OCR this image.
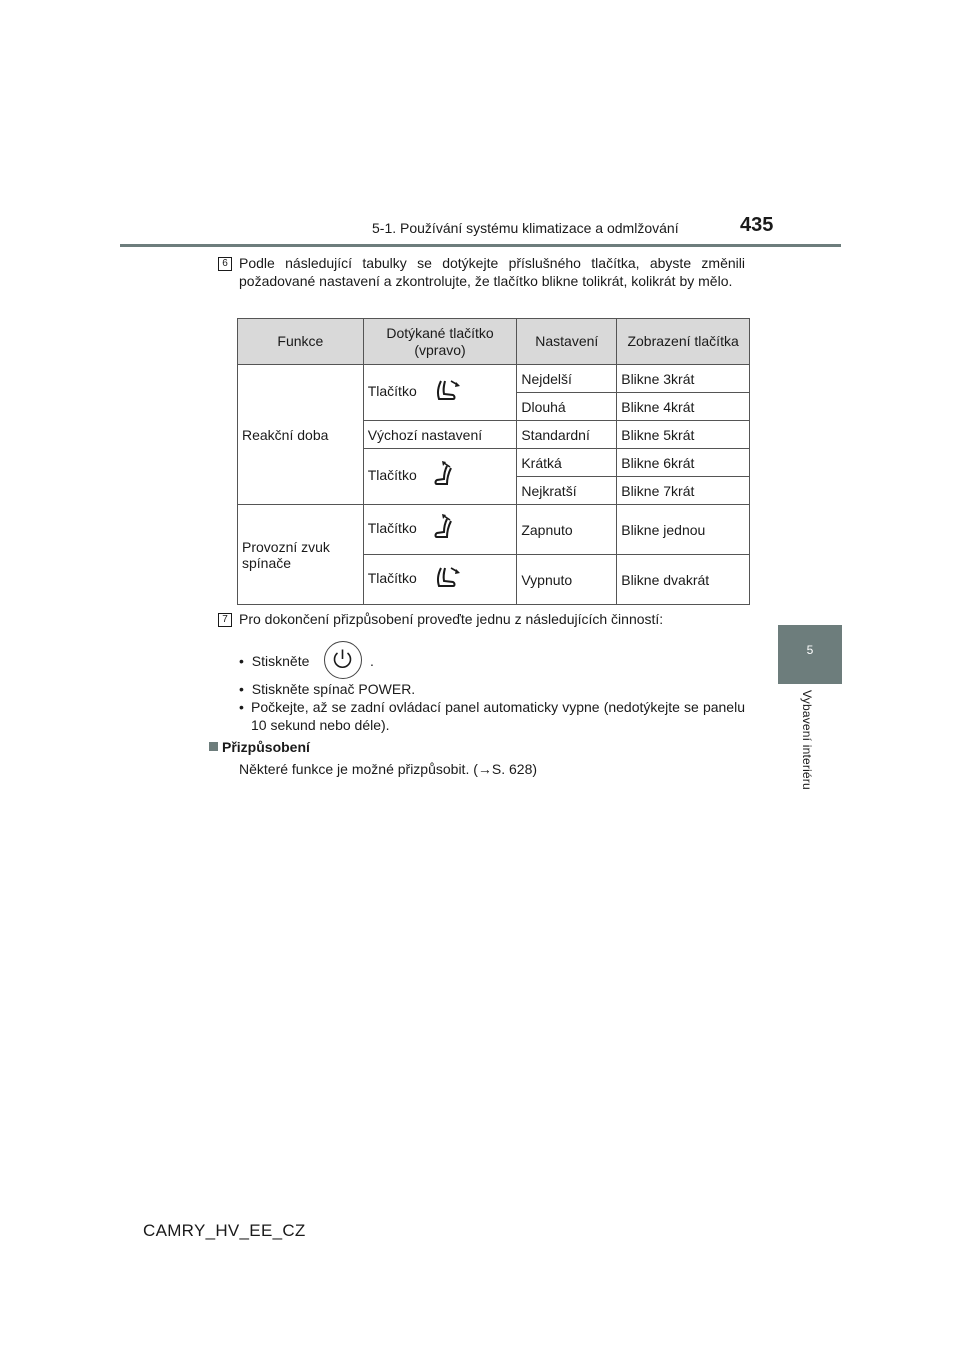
5-1. Používání systému klimatizace a odmlžování	435
5
Vybavení interiéru
6 Podle následující tabulky se dotýkejte příslušného tlačítka, abyste změnili požadované nastavení a zkontrolujte, že tlačítko blikne tolikrát, kolikrát by mělo.
Funkce	Dotýkané tlačítko (vpravo)	Nastavení	Zobrazení tlačítka
Reakční doba	Tlačítko	Nejdelší	Blikne 3krát
		Dlouhá	Blikne 4krát
	Výchozí nastavení	Standardní	Blikne 5krát
	Tlačítko	Krátká	Blikne 6krát
		Nejkratší	Blikne 7krát
Provozní zvuk spínače	Tlačítko	Zapnuto	Blikne jednou
	Tlačítko	Vypnuto	Blikne dvakrát
7 Pro dokončení přizpůsobení proveďte jednu z následujících činností:
• Stiskněte	.
• Stiskněte spínač POWER.
• Počkejte, až se zadní ovládací panel automaticky vypne (nedotýkejte se panelu 10 sekund nebo déle).
Přizpůsobení
Některé funkce je možné přizpůsobit. (→S. 628)
CAMRY_HV_EE_CZ
